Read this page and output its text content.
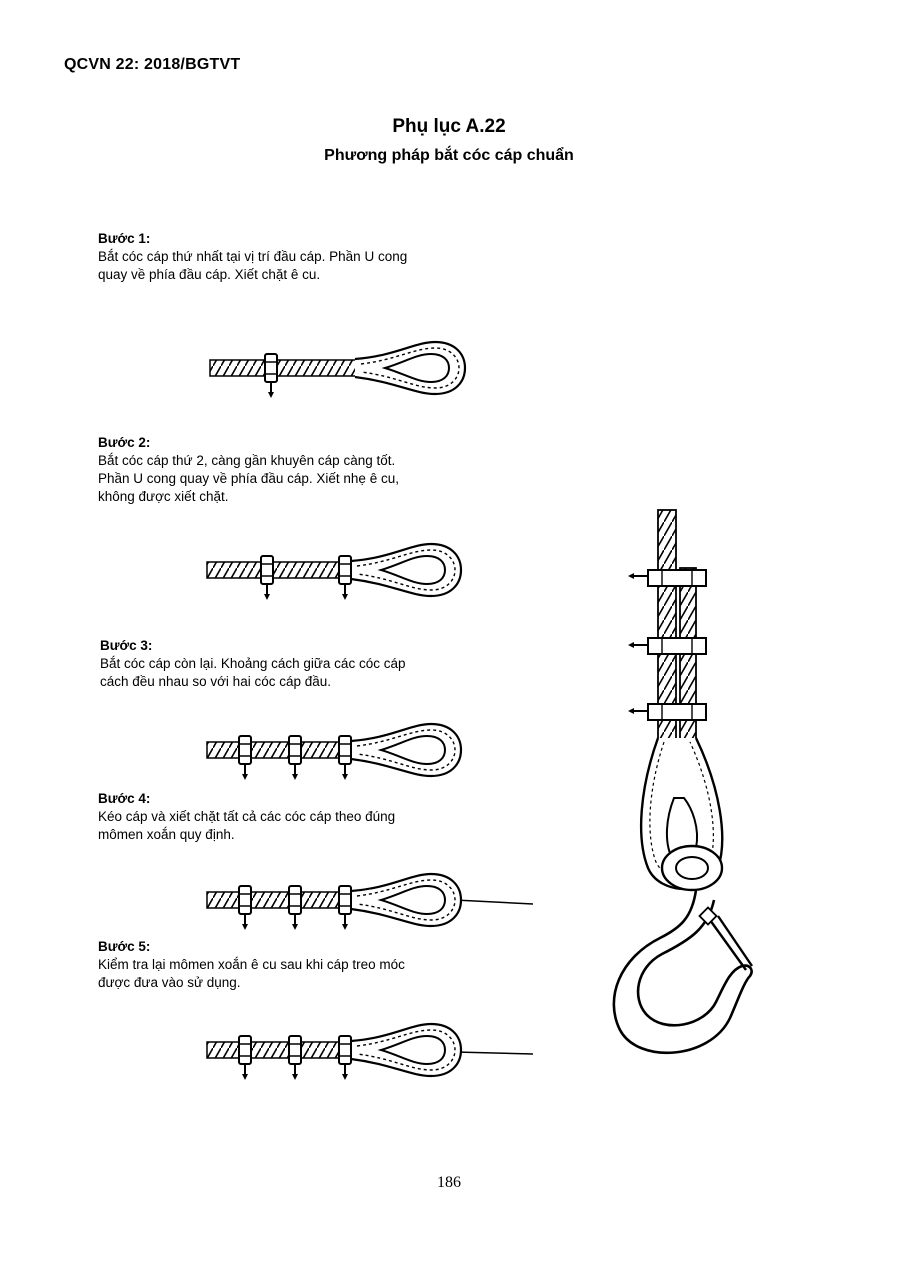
QCVN 22: 2018/BGTVT
Phụ lục A.22
Phương pháp bắt cóc cáp chuẩn
Bước 1:
Bắt cóc cáp thứ nhất tại vị trí đầu cáp. Phần U cong
quay về phía đầu cáp. Xiết chặt ê cu.
Bước 2:
Bắt cóc cáp thứ 2, càng gần khuyên cáp càng tốt.
Phần U cong quay về phía đầu cáp. Xiết nhẹ ê cu,
không được xiết chặt.
Bước 3:
Bắt cóc cáp còn lại. Khoảng cách giữa các cóc cáp
cách đều nhau so với hai cóc cáp đầu.
Bước 4:
Kéo cáp và xiết chặt tất cả các cóc cáp theo đúng
mômen xoắn quy định.
Bước 5:
Kiểm tra lại mômen xoắn ê cu sau khi cáp treo móc
được đưa vào sử dụng.
186
